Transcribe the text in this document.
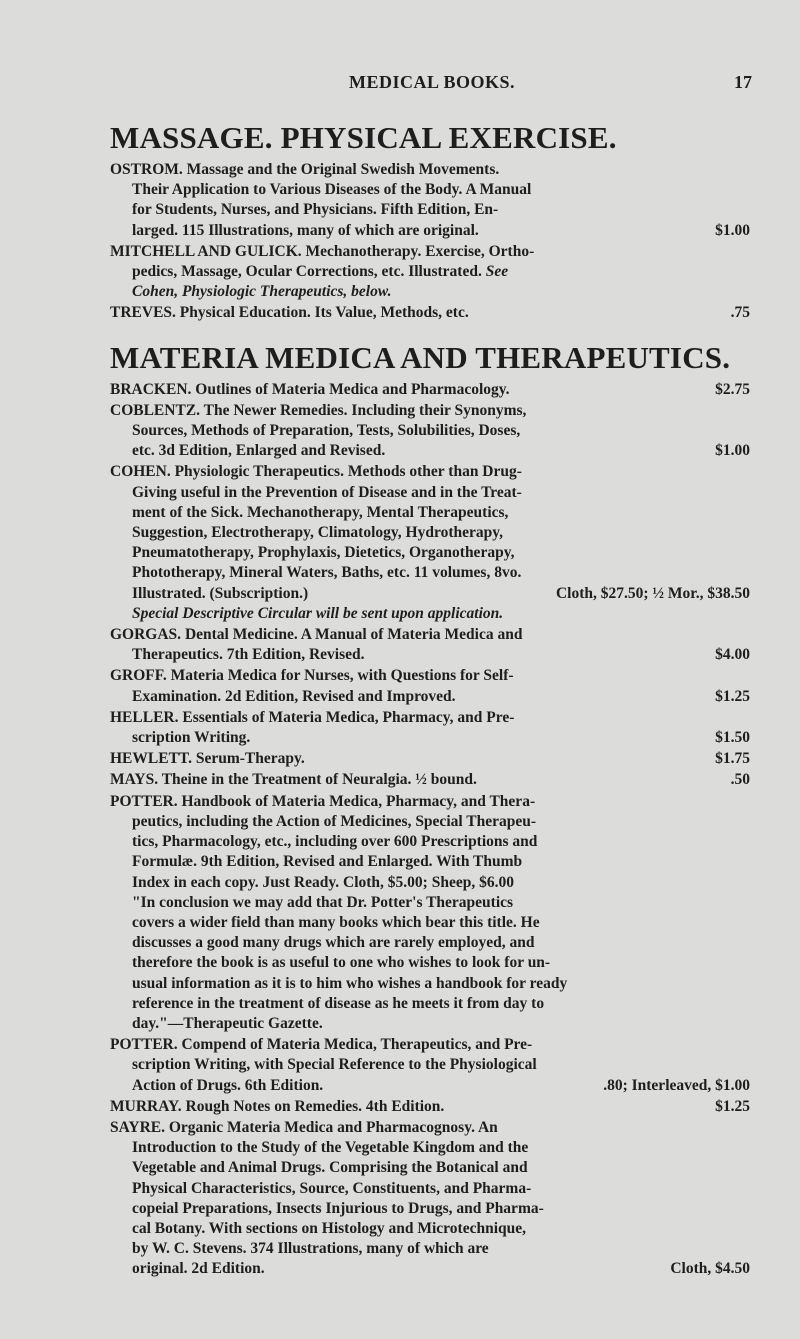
MEDICAL BOOKS.	17
MASSAGE. PHYSICAL EXERCISE.
OSTROM. Massage and the Original Swedish Movements.
Their Application to Various Diseases of the Body. A Manual
for Students, Nurses, and Physicians. Fifth Edition, En-
larged. 115 Illustrations, many of which are original.	$1.00
MITCHELL AND GULICK. Mechanotherapy. Exercise, Ortho-
pedics, Massage, Ocular Corrections, etc. Illustrated. See
Cohen, Physiologic Therapeutics, below.
TREVES. Physical Education. Its Value, Methods, etc.	.75
MATERIA MEDICA AND THERAPEUTICS.
BRACKEN. Outlines of Materia Medica and Pharmacology.	$2.75
COBLENTZ. The Newer Remedies. Including their Synonyms,
Sources, Methods of Preparation, Tests, Solubilities, Doses,
etc. 3d Edition, Enlarged and Revised.	$1.00
COHEN. Physiologic Therapeutics. Methods other than Drug-
Giving useful in the Prevention of Disease and in the Treat-
ment of the Sick. Mechanotherapy, Mental Therapeutics,
Suggestion, Electrotherapy, Climatology, Hydrotherapy,
Pneumatotherapy, Prophylaxis, Dietetics, Organotherapy,
Phototherapy, Mineral Waters, Baths, etc. 11 volumes, 8vo.
Illustrated. (Subscription.)	Cloth, $27.50; ½ Mor., $38.50
Special Descriptive Circular will be sent upon application.
GORGAS. Dental Medicine. A Manual of Materia Medica and
Therapeutics. 7th Edition, Revised.	$4.00
GROFF. Materia Medica for Nurses, with Questions for Self-
Examination. 2d Edition, Revised and Improved.	$1.25
HELLER. Essentials of Materia Medica, Pharmacy, and Pre-
scription Writing.	$1.50
HEWLETT. Serum-Therapy.	$1.75
MAYS. Theine in the Treatment of Neuralgia. ½ bound.	.50
POTTER. Handbook of Materia Medica, Pharmacy, and Thera-
peutics, including the Action of Medicines, Special Therapeu-
tics, Pharmacology, etc., including over 600 Prescriptions and
Formulæ. 9th Edition, Revised and Enlarged. With Thumb
Index in each copy. Just Ready. Cloth, $5.00; Sheep, $6.00
"In conclusion we may add that Dr. Potter's Therapeutics
covers a wider field than many books which bear this title. He
discusses a good many drugs which are rarely employed, and
therefore the book is as useful to one who wishes to look for un-
usual information as it is to him who wishes a handbook for ready
reference in the treatment of disease as he meets it from day to
day."—Therapeutic Gazette.
POTTER. Compend of Materia Medica, Therapeutics, and Pre-
scription Writing, with Special Reference to the Physiological
Action of Drugs. 6th Edition.	.80; Interleaved, $1.00
MURRAY. Rough Notes on Remedies. 4th Edition.	$1.25
SAYRE. Organic Materia Medica and Pharmacognosy. An
Introduction to the Study of the Vegetable Kingdom and the
Vegetable and Animal Drugs. Comprising the Botanical and
Physical Characteristics, Source, Constituents, and Pharma-
copeial Preparations, Insects Injurious to Drugs, and Pharma-
cal Botany. With sections on Histology and Microtechnique,
by W. C. Stevens. 374 Illustrations, many of which are
original. 2d Edition.	Cloth, $4.50
